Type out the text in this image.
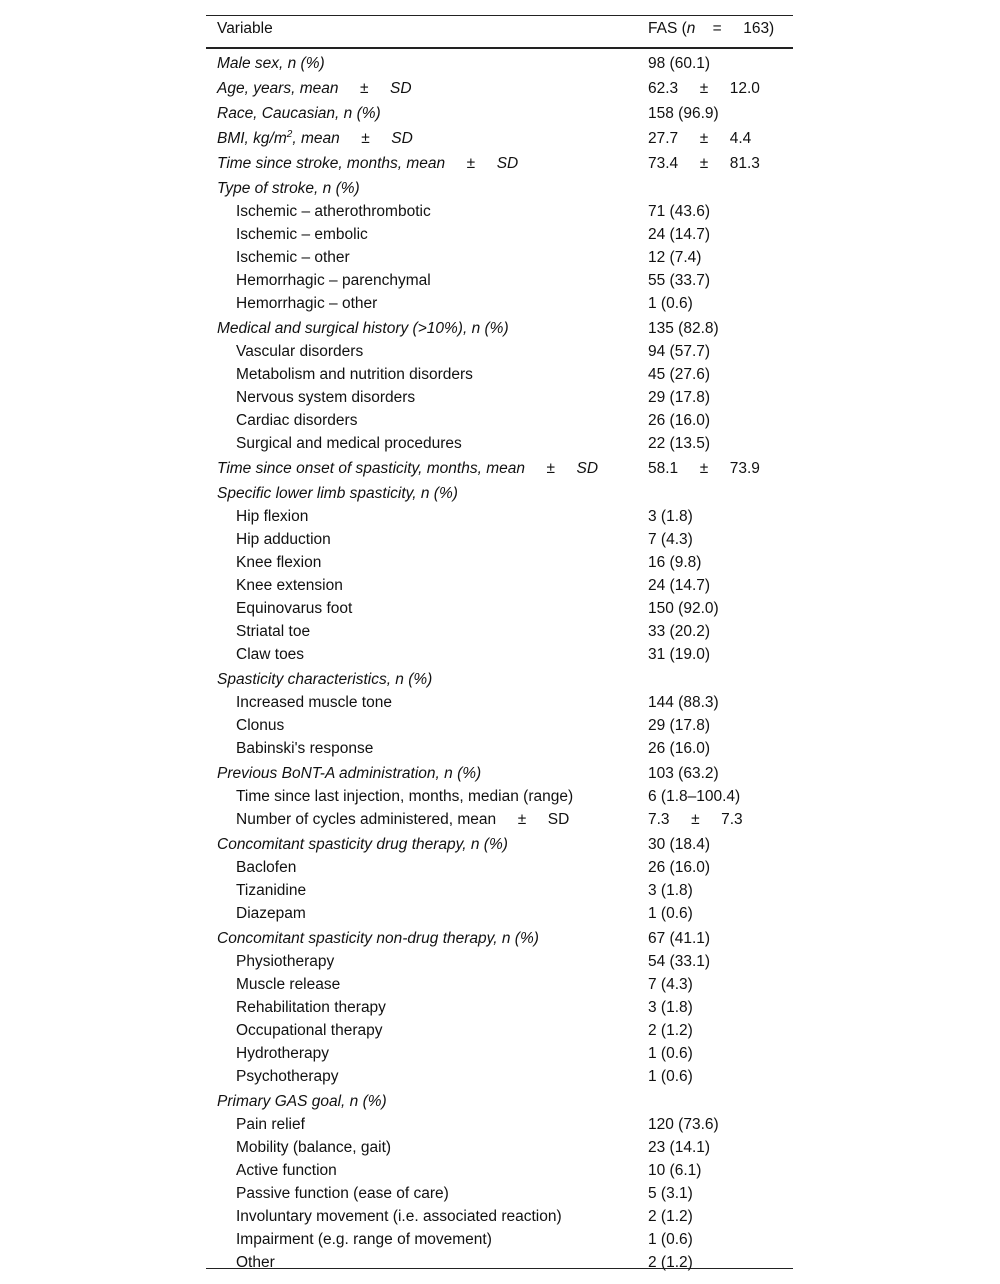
Variable	FAS (n    =     163)
Male sex, n (%)	98 (60.1)
Age, years, mean     ±     SD	62.3     ±     12.0
Race, Caucasian, n (%)	158 (96.9)
BMI, $kg/m^2$, mean     ±     SD	27.7     ±     4.4
Time since stroke, months, mean     ±     SD	73.4     ±     81.3
Type of stroke, n (%)
Ischemic – atherothrombotic	71 (43.6)
Ischemic – embolic	24 (14.7)
Ischemic – other	12 (7.4)
Hemorrhagic – parenchymal	55 (33.7)
Hemorrhagic – other	1 (0.6)
Medical and surgical history (>10%), n (%)	135 (82.8)
Vascular disorders	94 (57.7)
Metabolism and nutrition disorders	45 (27.6)
Nervous system disorders	29 (17.8)
Cardiac disorders	26 (16.0)
Surgical and medical procedures	22 (13.5)
Time since onset of spasticity, months, mean     ±     SD	58.1     ±     73.9
Specific lower limb spasticity, n (%)
Hip flexion	3 (1.8)
Hip adduction	7 (4.3)
Knee flexion	16 (9.8)
Knee extension	24 (14.7)
Equinovarus foot	150 (92.0)
Striatal toe	33 (20.2)
Claw toes	31 (19.0)
Spasticity characteristics, n (%)
Increased muscle tone	144 (88.3)
Clonus	29 (17.8)
Babinski's response	26 (16.0)
Previous BoNT-A administration, n (%)	103 (63.2)
Time since last injection, months, median (range)	6 (1.8–100.4)
Number of cycles administered, mean     ±     SD	7.3     ±     7.3
Concomitant spasticity drug therapy, n (%)	30 (18.4)
Baclofen	26 (16.0)
Tizanidine	3 (1.8)
Diazepam	1 (0.6)
Concomitant spasticity non-drug therapy, n (%)	67 (41.1)
Physiotherapy	54 (33.1)
Muscle release	7 (4.3)
Rehabilitation therapy	3 (1.8)
Occupational therapy	2 (1.2)
Hydrotherapy	1 (0.6)
Psychotherapy	1 (0.6)
Primary GAS goal, n (%)
Pain relief	120 (73.6)
Mobility (balance, gait)	23 (14.1)
Active function	10 (6.1)
Passive function (ease of care)	5 (3.1)
Involuntary movement (i.e. associated reaction)	2 (1.2)
Impairment (e.g. range of movement)	1 (0.6)
Other	2 (1.2)
